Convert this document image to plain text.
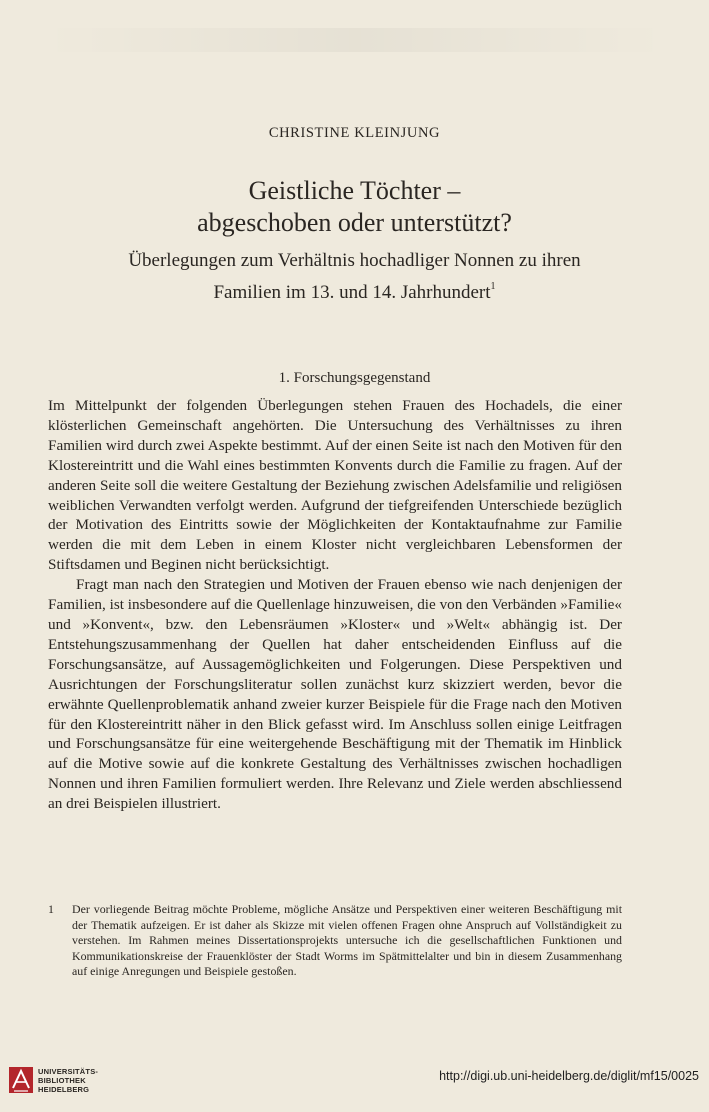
CHRISTINE KLEINJUNG
Geistliche Töchter –
abgeschoben oder unterstützt?
Überlegungen zum Verhältnis hochadliger Nonnen zu ihren
Familien im 13. und 14. Jahrhundert$^1$
1. Forschungsgegenstand

Im Mittelpunkt der folgenden Überlegungen stehen Frauen des Hochadels, die einer klösterlichen Gemeinschaft angehörten. Die Untersuchung des Verhältnisses zu ihren Familien wird durch zwei Aspekte bestimmt. Auf der einen Seite ist nach den Motiven für den Klostereintritt und die Wahl eines bestimmten Konvents durch die Familie zu fragen. Auf der anderen Seite soll die weitere Gestaltung der Beziehung zwischen Adelsfamilie und religiösen weiblichen Verwandten verfolgt werden. Aufgrund der tiefgreifenden Unterschiede bezüglich der Motivation des Eintritts sowie der Möglichkeiten der Kontaktaufnahme zur Familie werden die mit dem Leben in einem Kloster nicht vergleichbaren Lebensformen der Stiftsdamen und Beginen nicht berücksichtigt.

Fragt man nach den Strategien und Motiven der Frauen ebenso wie nach denjenigen der Familien, ist insbesondere auf die Quellenlage hinzuweisen, die von den Verbänden »Familie« und »Konvent«, bzw. den Lebensräumen »Kloster« und »Welt« abhängig ist. Der Entstehungszusammenhang der Quellen hat daher entscheidenden Einfluss auf die Forschungsansätze, auf Aussagemöglichkeiten und Folgerungen. Diese Perspektiven und Ausrichtungen der Forschungsliteratur sollen zunächst kurz skizziert werden, bevor die erwähnte Quellenproblematik anhand zweier kurzer Beispiele für die Frage nach den Motiven für den Klostereintritt näher in den Blick gefasst wird. Im Anschluss sollen einige Leitfragen und Forschungsansätze für eine weitergehende Beschäftigung mit der Thematik im Hinblick auf die Motive sowie auf die konkrete Gestaltung des Verhältnisses zwischen hochadligen Nonnen und ihren Familien formuliert werden. Ihre Relevanz und Ziele werden abschliessend an drei Beispielen illustriert.

1	Der vorliegende Beitrag möchte Probleme, mögliche Ansätze und Perspektiven einer weiteren Beschäftigung mit der Thematik aufzeigen. Er ist daher als Skizze mit vielen offenen Fragen ohne Anspruch auf Vollständigkeit zu verstehen. Im Rahmen meines Dissertationsprojekts untersuche ich die gesellschaftlichen Funktionen und Kommunikationskreise der Frauenklöster der Stadt Worms im Spätmittelalter und bin in diesem Zusammenhang auf einige Anregungen und Beispiele gestoßen.
UNIVERSITÄTS-
BIBLIOTHEK
HEIDELBERG
http://digi.ub.uni-heidelberg.de/diglit/mf15/0025
